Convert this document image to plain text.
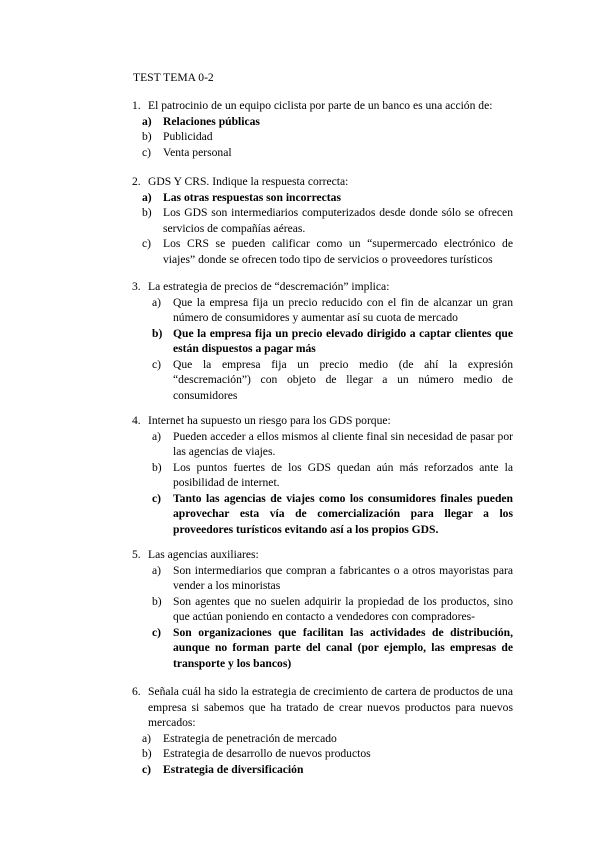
TEST TEMA 0-2
1. El patrocinio de un equipo ciclista por parte de un banco es una acción de:
a) Relaciones públicas
b) Publicidad
c)	Venta personal
2. GDS Y CRS. Indique la respuesta correcta:
a) Las otras respuestas son incorrectas
b) Los GDS son intermediarios computerizados desde donde sólo se ofrecen servicios de compañías aéreas.
c)	Los CRS se pueden calificar como un “supermercado electrónico de viajes” donde se ofrecen todo tipo de servicios o proveedores turísticos
3. La estrategia de precios de “descremación” implica:
a)	Que la empresa fija un precio reducido con el fin de alcanzar un gran número de consumidores y aumentar así su cuota de mercado
b) Que la empresa fija un precio elevado dirigido a captar clientes que están dispuestos a pagar más
c)	Que la empresa fija un precio medio (de ahí la expresión “descremación”) con objeto de llegar a un número medio de consumidores
4. Internet ha supuesto un riesgo para los GDS porque:
a)	Pueden acceder a ellos mismos al cliente final sin necesidad de pasar por las agencias de viajes.
b) Los puntos fuertes de los GDS quedan aún más reforzados ante la posibilidad de internet.
c)	Tanto las agencias de viajes como los consumidores finales pueden aprovechar esta vía de comercialización para llegar a los proveedores turísticos evitando así a los propios GDS.
5. Las agencias auxiliares:
a)	Son intermediarios que compran a fabricantes o a otros mayoristas para vender a los minoristas
b) Son agentes que no suelen adquirir la propiedad de los productos, sino que actúan poniendo en contacto a vendedores con compradores-
c)	Son organizaciones que facilitan las actividades de distribución, aunque no forman parte del canal (por ejemplo, las empresas de transporte y los bancos)
6. Señala cuál ha sido la estrategia de crecimiento de cartera de productos de una empresa si sabemos que ha tratado de crear nuevos productos para nuevos mercados:
a)	Estrategia de penetración de mercado
b) Estrategia de desarrollo de nuevos productos
c)	Estrategia de diversificación
